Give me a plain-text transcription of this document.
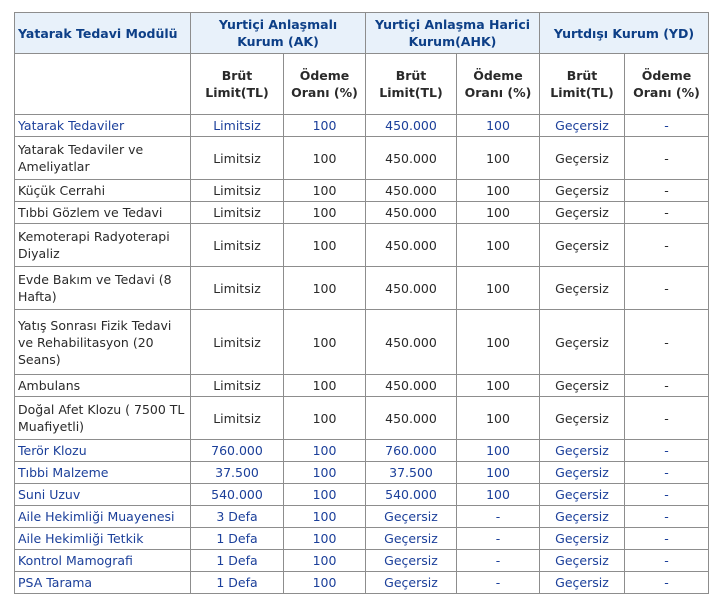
Yatarak Tedavi Modülü	Yurtiçi Anlaşmalı Kurum (AK)		Yurtiçi Anlaşma Harici Kurum(AHK)		Yurtdışı Kurum (YD)	
	Brüt Limit(TL)	Ödeme Oranı (%)	Brüt Limit(TL)	Ödeme Oranı (%)	Brüt Limit(TL)	Ödeme Oranı (%)
Yatarak Tedaviler	Limitsiz	100	450.000	100	Geçersiz	-
Yatarak Tedaviler ve Ameliyatlar	Limitsiz	100	450.000	100	Geçersiz	-
Küçük Cerrahi	Limitsiz	100	450.000	100	Geçersiz	-
Tıbbi Gözlem ve Tedavi	Limitsiz	100	450.000	100	Geçersiz	-
Kemoterapi Radyoterapi Diyaliz	Limitsiz	100	450.000	100	Geçersiz	-
Evde Bakım ve Tedavi (8 Hafta)	Limitsiz	100	450.000	100	Geçersiz	-
Yatış Sonrası Fizik Tedavi ve Rehabilitasyon (20 Seans)	Limitsiz	100	450.000	100	Geçersiz	-
Ambulans	Limitsiz	100	450.000	100	Geçersiz	-
Doğal Afet Klozu ( 7500 TL Muafiyetli)	Limitsiz	100	450.000	100	Geçersiz	-
Terör Klozu	760.000	100	760.000	100	Geçersiz	-
Tıbbi Malzeme	37.500	100	37.500	100	Geçersiz	-
Suni Uzuv	540.000	100	540.000	100	Geçersiz	-
Aile Hekimliği Muayenesi	3 Defa	100	Geçersiz	-	Geçersiz	-
Aile Hekimliği Tetkik	1 Defa	100	Geçersiz	-	Geçersiz	-
Kontrol Mamografi	1 Defa	100	Geçersiz	-	Geçersiz	-
PSA Tarama	1 Defa	100	Geçersiz	-	Geçersiz	-
